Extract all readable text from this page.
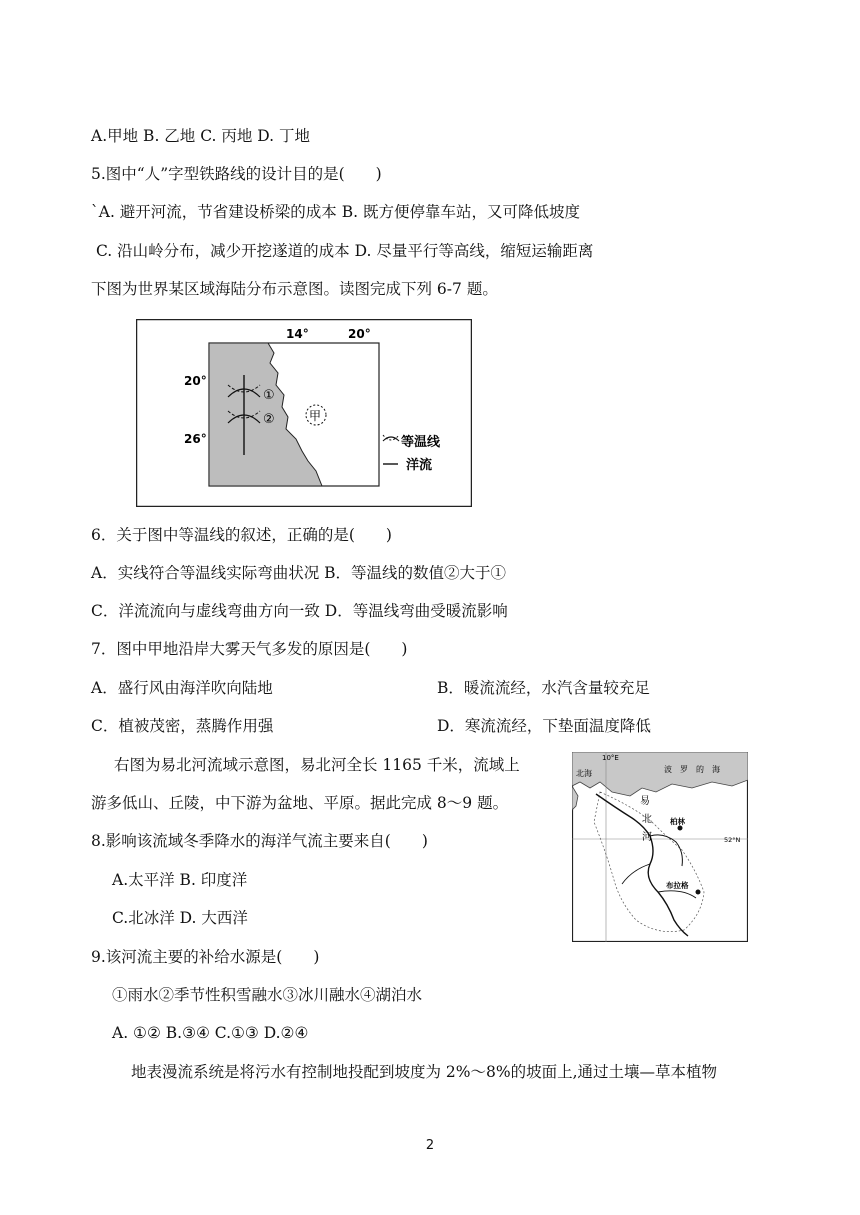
A.甲地 B. 乙地 C. 丙地 D. 丁地
5.图中“人”字型铁路线的设计目的是(　　)
`A. 避开河流，节省建设桥梁的成本 B. 既方便停靠车站，又可降低坡度
C. 沿山岭分布，减少开挖遂道的成本 D. 尽量平行等高线，缩短运输距离
下图为世界某区域海陆分布示意图。读图完成下列 6-7 题。
14°	20°
20°
26°
①
②	甲
等温线
洋流
6．关于图中等温线的叙述，正确的是(　　)
A．实线符合等温线实际弯曲状况 B．等温线的数值②大于①
C．洋流流向与虚线弯曲方向一致 D．等温线弯曲受暖流影响
7．图中甲地沿岸大雾天气多发的原因是(　　)
A．盛行风由海洋吹向陆地	B．暖流流经，水汽含量较充足
C．植被茂密，蒸腾作用强	D．寒流流经，下垫面温度降低
右图为易北河流域示意图，易北河全长 1165 千米，流域上
游多低山、丘陵，中下游为盆地、平原。据此完成 8～9 题。
8.影响该流域冬季降水的海洋气流主要来自(　　)
A.太平洋 B. 印度洋
C.北冰洋 D. 大西洋
9.该河流主要的补给水源是(　　)
①雨水②季节性积雪融水③冰川融水④湖泊水
A. ①② B.③④ C.①③ D.②④
地表漫流系统是将污水有控制地投配到坡度为 2%～8%的坡面上,通过土壤—草本植物
10°E
波　罗　的　海
北海
易
北
河
柏林
布拉格
52°N
2
